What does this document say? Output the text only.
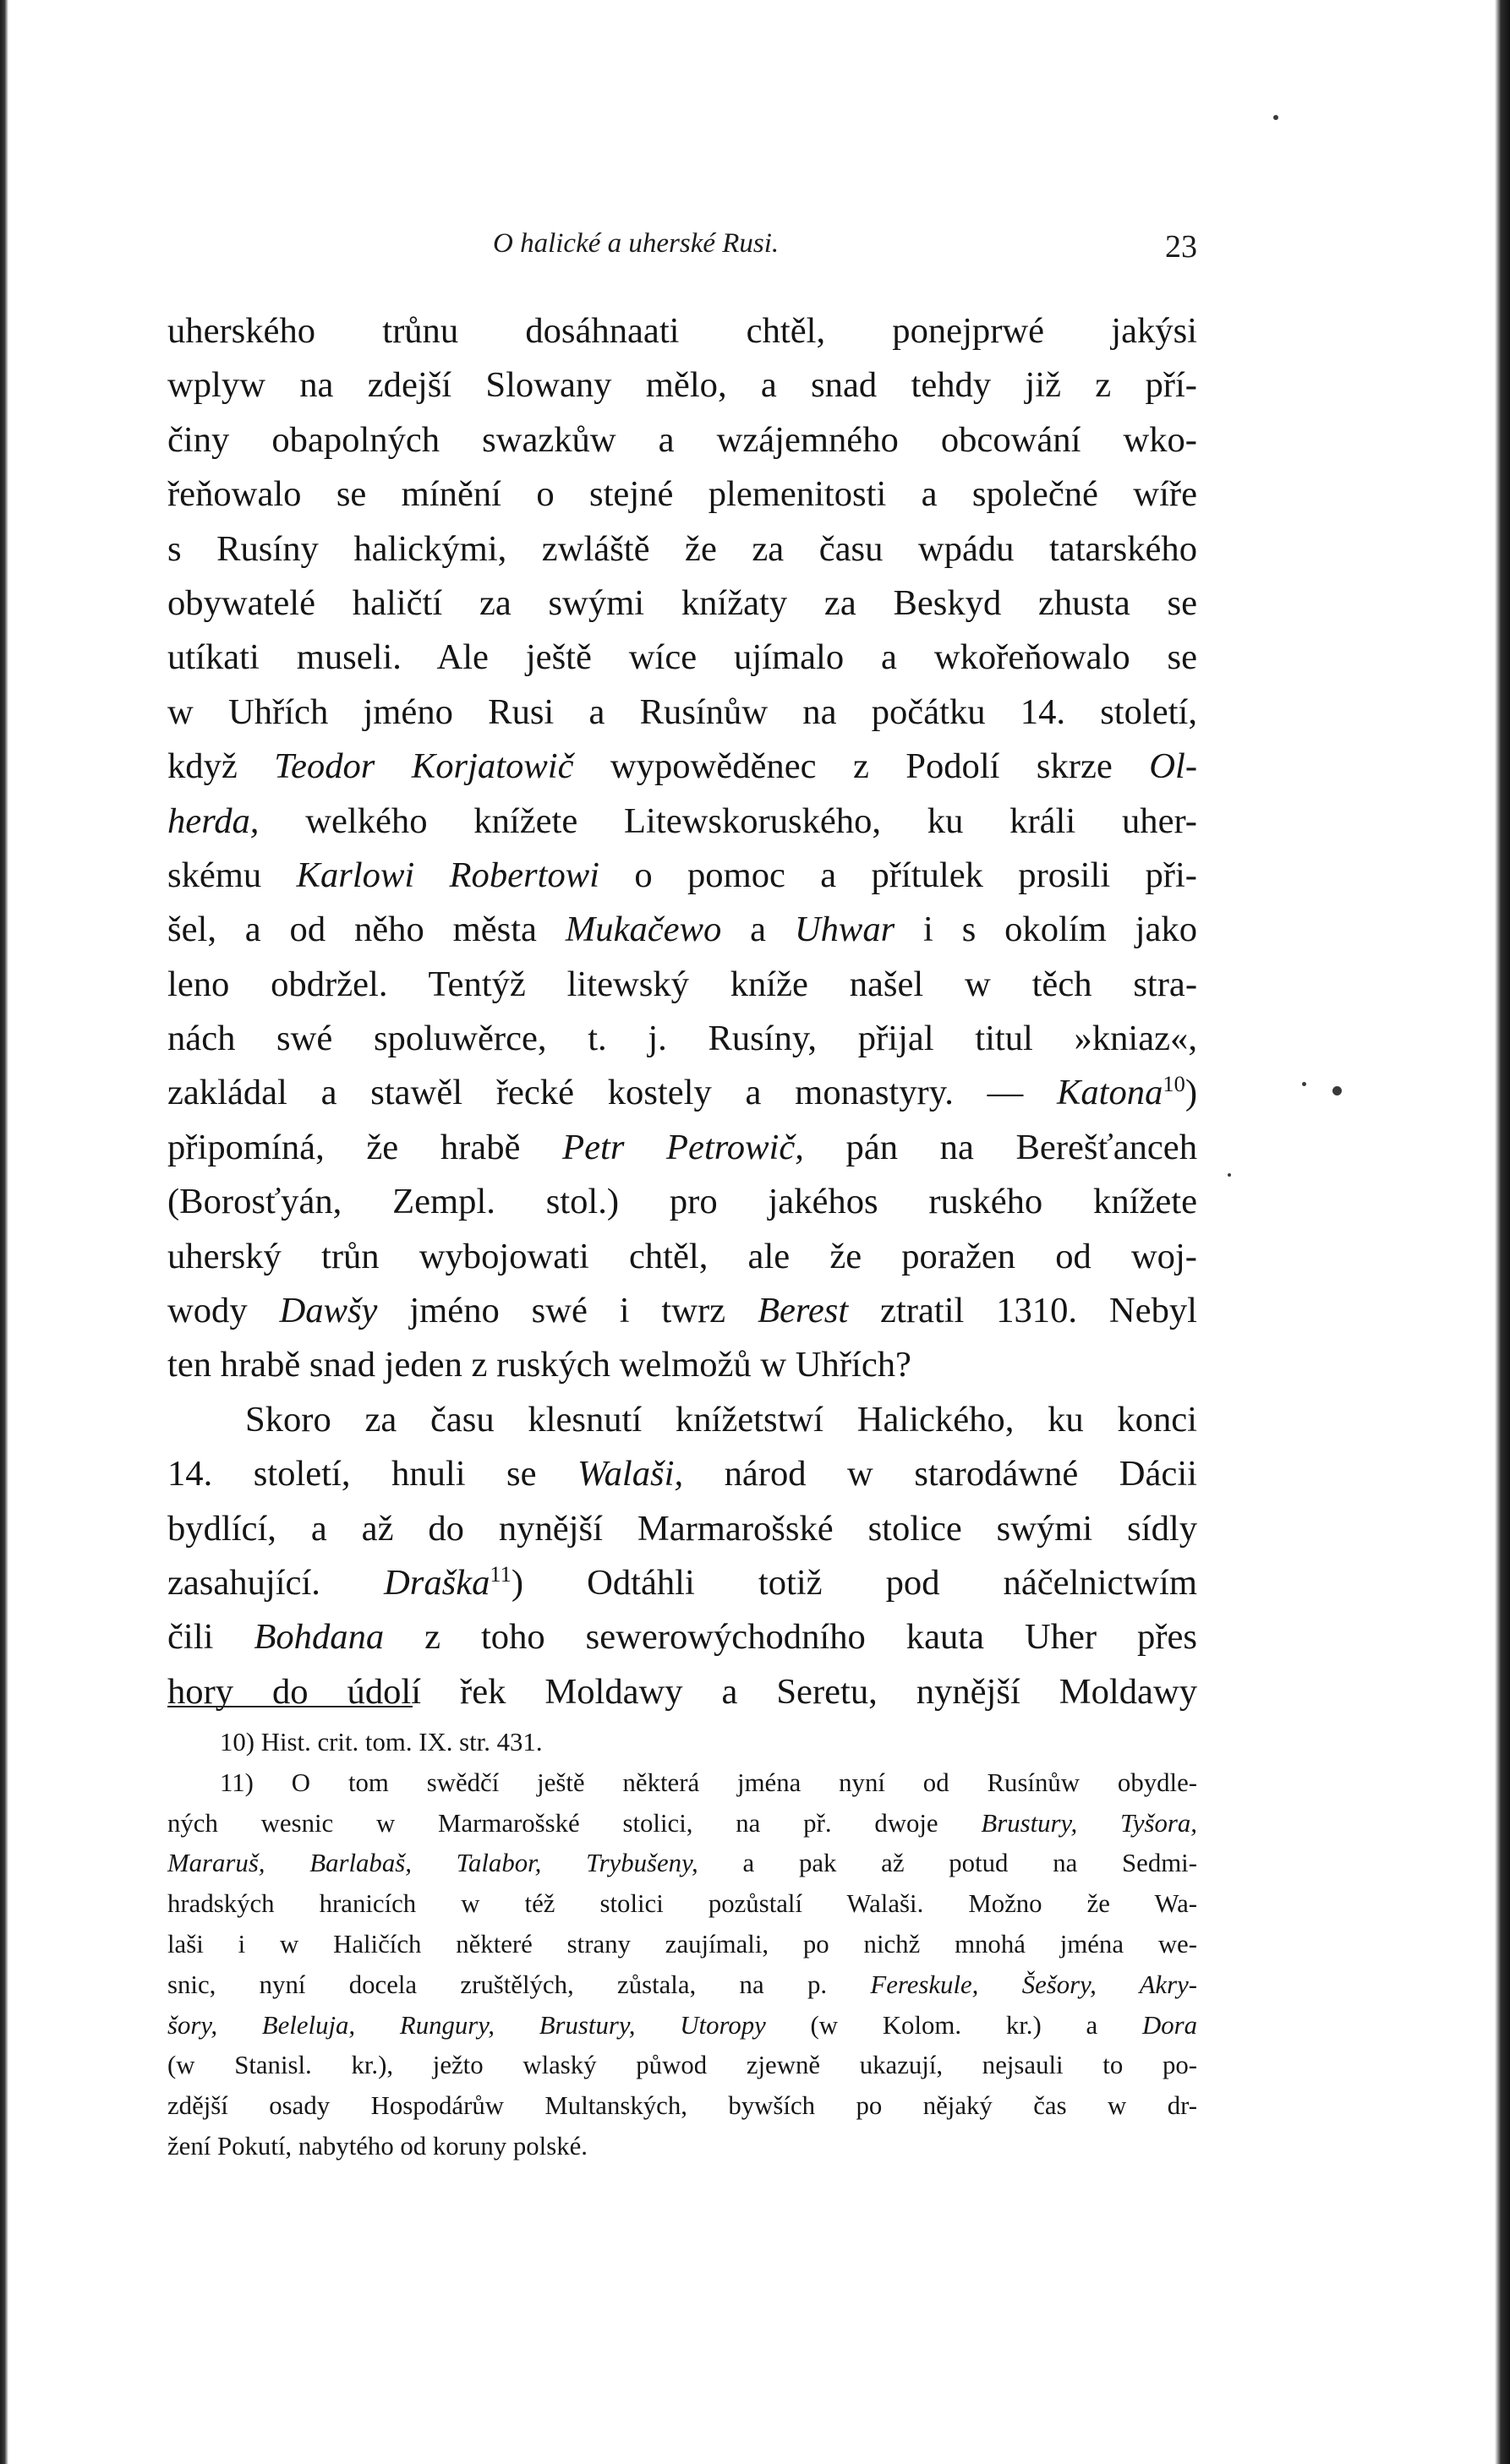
O halické a uherské Rusi.	23
uherského trůnu dosáhnaati chtěl, ponejprwé jakýsi
wplyw na zdejší Slowany mělo, a snad tehdy již z pří-
činy obapolných swazkůw a wzájemného obcowání wko-
řeňowalo se mínění o stejné plemenitosti a společné wíře
s Rusíny halickými, zwláště že za času wpádu tatarského
obywatelé haličtí za swými knížaty za Beskyd zhusta se
utíkati museli. Ale ještě wíce ujímalo a wkořeňowalo se
w Uhřích jméno Rusi a Rusínůw na počátku 14. století,
když Teodor Korjatowič wypowěděnec z Podolí skrze Ol-
herda, welkého knížete Litewskoruského, ku králi uher-
skému Karlowi Robertowi o pomoc a přítulek prosili při-
šel, a od něho města Mukačewo a Uhwar i s okolím jako
leno obdržel. Tentýž litewský kníže našel w těch stra-
nách swé spoluwěrce, t. j. Rusíny, přijal titul »kniaz«,
zakládal a stawěl řecké kostely a monastyry. — Katona$^{10}$)
připomíná, že hrabě Petr Petrowič, pán na Berešťanceh
(Borosťyán, Zempl. stol.) pro jakéhos ruského knížete
uherský trůn wybojowati chtěl, ale že poražen od woj-
wody Dawšy jméno swé i twrz Berest ztratil 1310. Nebyl
ten hrabě snad jeden z ruských welmožů w Uhřích?
Skoro za času klesnutí knížetstwí Halického, ku konci
14. století, hnuli se Walaši, národ w starodáwné Dácii
bydlící, a až do nynější Marmarošské stolice swými sídly
zasahující. Draška$^{11}$) Odtáhli totiž pod náčelnictwím
čili Bohdana z toho sewerowýchodního kauta Uher přes
hory do údolí řek Moldawy a Seretu, nynější Moldawy
10) Hist. crit. tom. IX. str. 431.
11) O tom swědčí ještě některá jména nyní od Rusínůw obydle-
ných wesnic w Marmarošské stolici, na př. dwoje Brustury, Tyšora,
Mararuš, Barlabaš, Talabor, Trybušeny, a pak až potud na Sedmi-
hradských hranicích w též stolici pozůstalí Walaši. Možno že Wa-
laši i w Haličích některé strany zaujímali, po nichž mnohá jména we-
snic, nyní docela zruštělých, zůstala, na p. Fereskule, Šešory, Akry-
šory, Beleluja, Rungury, Brustury, Utoropy (w Kolom. kr.) a Dora
(w Stanisl. kr.), ježto wlaský půwod zjewně ukazují, nejsauli to po-
zdější osady Hospodárůw Multanských, bywších po nějaký čas w dr-
žení Pokutí, nabytého od koruny polské.
